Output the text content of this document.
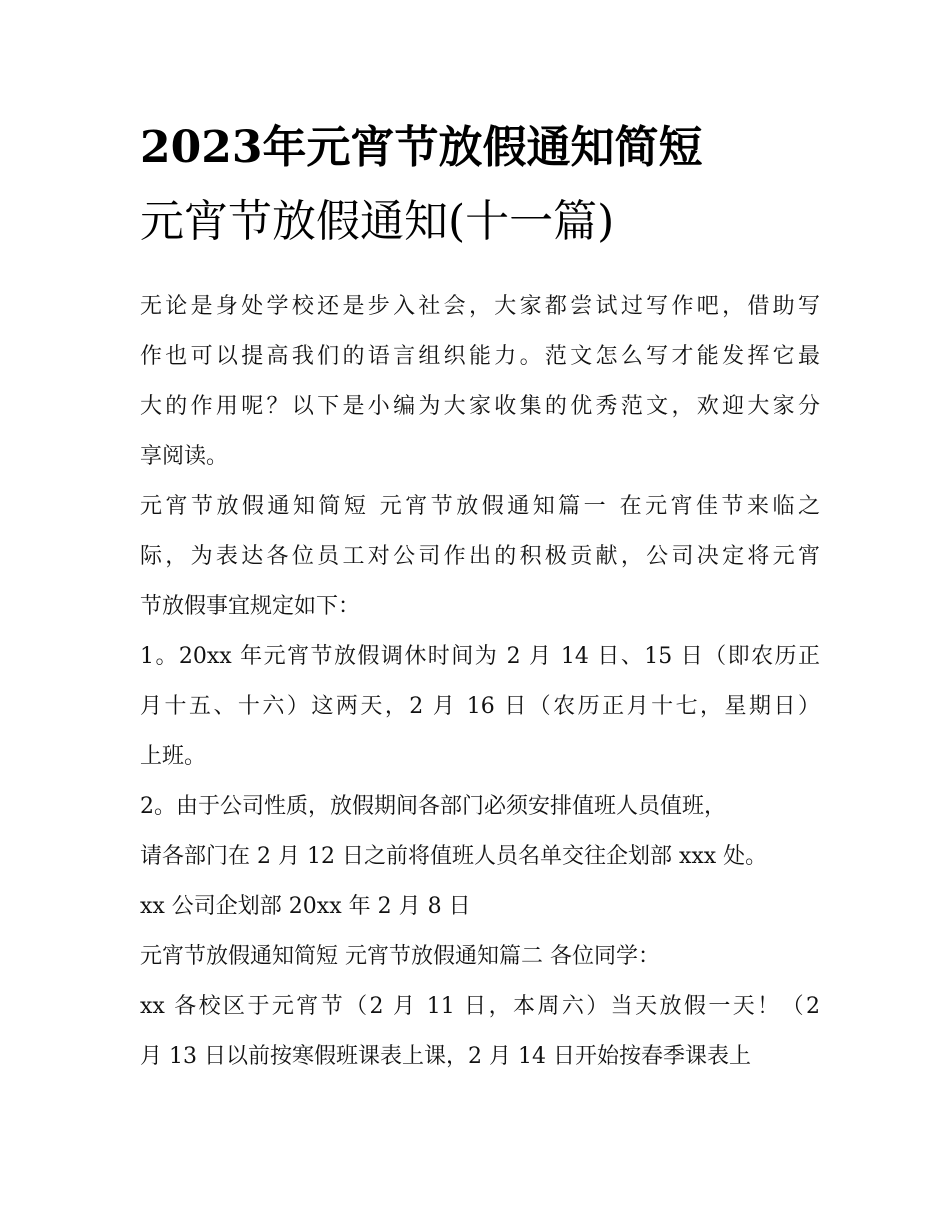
2023年元宵节放假通知简短
元宵节放假通知(十一篇)
无论是身处学校还是步入社会，大家都尝试过写作吧，借助写
作也可以提高我们的语言组织能力。范文怎么写才能发挥它最
大的作用呢？以下是小编为大家收集的优秀范文，欢迎大家分
享阅读。
元宵节放假通知简短 元宵节放假通知篇一 在元宵佳节来临之
际，为表达各位员工对公司作出的积极贡献，公司决定将元宵
节放假事宜规定如下：
1。20xx 年元宵节放假调休时间为 2 月 14 日、15 日（即农历正
月十五、十六）这两天，2 月 16 日（农历正月十七，星期日）
上班。
2。由于公司性质，放假期间各部门必须安排值班人员值班，
请各部门在 2 月 12 日之前将值班人员名单交往企划部 xxx 处。
xx 公司企划部 20xx 年 2 月 8 日
元宵节放假通知简短 元宵节放假通知篇二 各位同学：
xx 各校区于元宵节（2 月 11 日，本周六）当天放假一天！（2
月 13 日以前按寒假班课表上课，2 月 14 日开始按春季课表上
